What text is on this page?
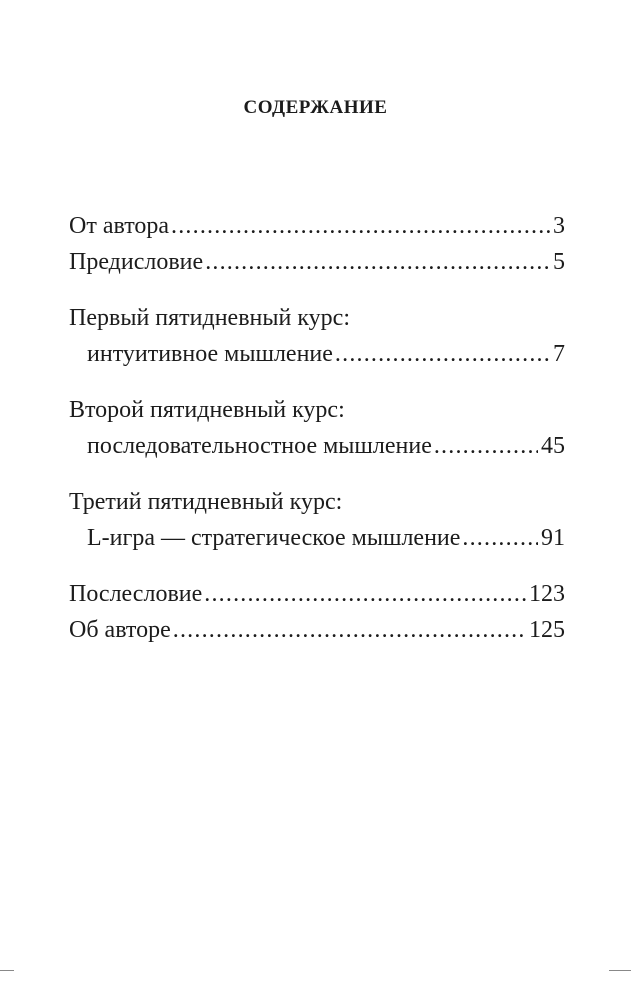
СОДЕРЖАНИЕ
От автора .....	3
Предисловие .....	5
Первый пятидневный курс:
интуитивное мышление .....	7
Второй пятидневный курс:
последовательностное мышление .....	45
Третий пятидневный курс:
L-игра — стратегическое мышление .....	91
Послесловие .....	123
Об авторе .....	125
